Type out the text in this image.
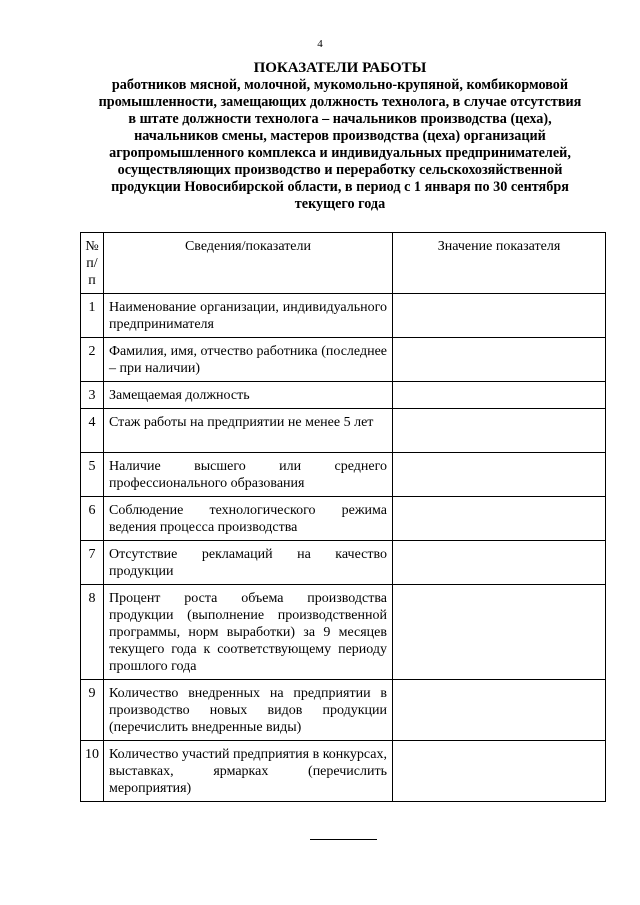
4
ПОКАЗАТЕЛИ РАБОТЫ
работников мясной, молочной, мукомольно-крупяной, комбикормовой
промышленности, замещающих должность технолога, в случае отсутствия
в штате должности технолога – начальников производства (цеха),
начальников смены, мастеров производства (цеха) организаций
агропромышленного комплекса и индивидуальных предпринимателей,
осуществляющих производство и переработку сельскохозяйственной
продукции Новосибирской области, в период с 1 января по 30 сентября
текущего года
№ п/п	Сведения/показатели	Значение показателя
1	Наименование организации, индивидуального предпринимателя	
2	Фамилия, имя, отчество работника (последнее – при наличии)	
3	Замещаемая должность	
4	Стаж работы на предприятии не менее 5 лет	
5	Наличие высшего или среднего профессионального образования	
6	Соблюдение технологического режима ведения процесса производства	
7	Отсутствие рекламаций на качество продукции	
8	Процент роста объема производства продукции (выполнение производственной программы, норм выработки) за 9 месяцев текущего года к соответствующему периоду прошлого года	
9	Количество внедренных на предприятии в производство новых видов продукции (перечислить внедренные виды)	
10	Количество участий предприятия в конкурсах, выставках, ярмарках (перечислить мероприятия)	
